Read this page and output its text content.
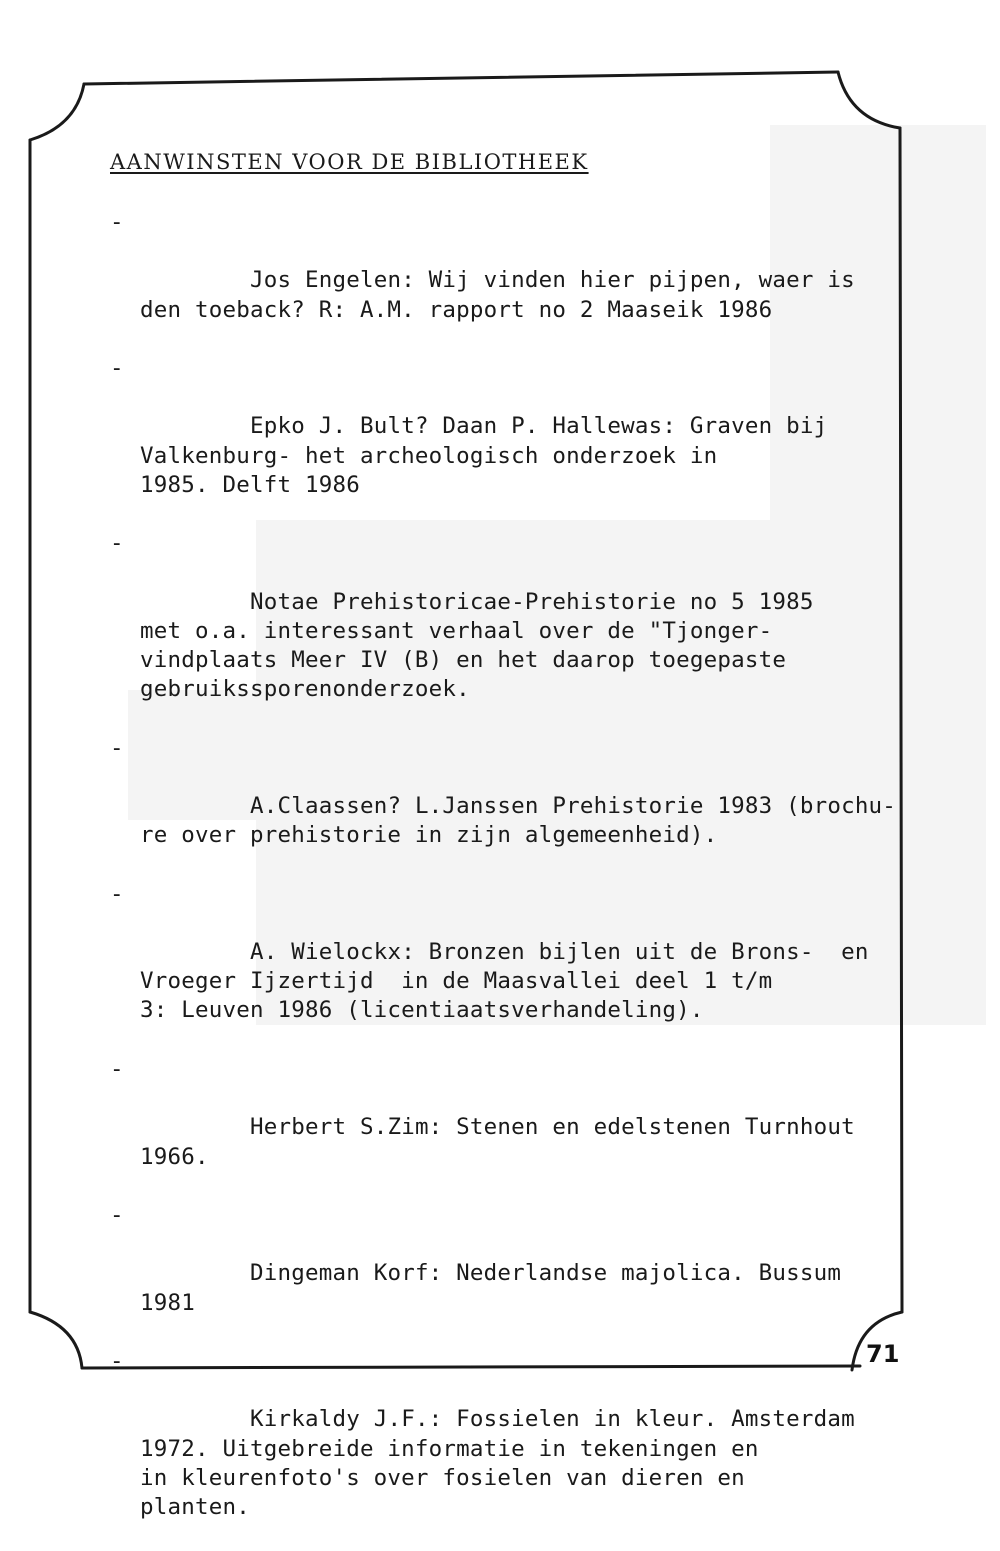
AANWINSTEN VOOR DE BIBLIOTHEEK

-

Jos Engelen: Wij vinden hier pijpen, waer is
den toeback? R: A.M. rapport no 2 Maaseik 1986

-

Epko J. Bult? Daan P. Hallewas: Graven bij
Valkenburg- het archeologisch onderzoek in
1985. Delft 1986

-

Notae Prehistoricae-Prehistorie no 5 1985
met o.a. interessant verhaal over de "Tjonger-
vindplaats Meer IV (B) en het daarop toegepaste
gebruikssporenonderzoek.

-

A.Claassen? L.Janssen Prehistorie 1983 (brochu-
re over prehistorie in zijn algemeenheid).

-

A. Wielockx: Bronzen bijlen uit de Brons-  en
Vroeger Ijzertijd  in de Maasvallei deel 1 t/m
3: Leuven 1986 (licentiaatsverhandeling).

-

Herbert S.Zim: Stenen en edelstenen Turnhout
1966.

-

Dingeman Korf: Nederlandse majolica. Bussum 1981

-

Kirkaldy J.F.: Fossielen in kleur. Amsterdam
1972. Uitgebreide informatie in tekeningen en
in kleurenfoto's over fosielen van dieren en
planten.

71
